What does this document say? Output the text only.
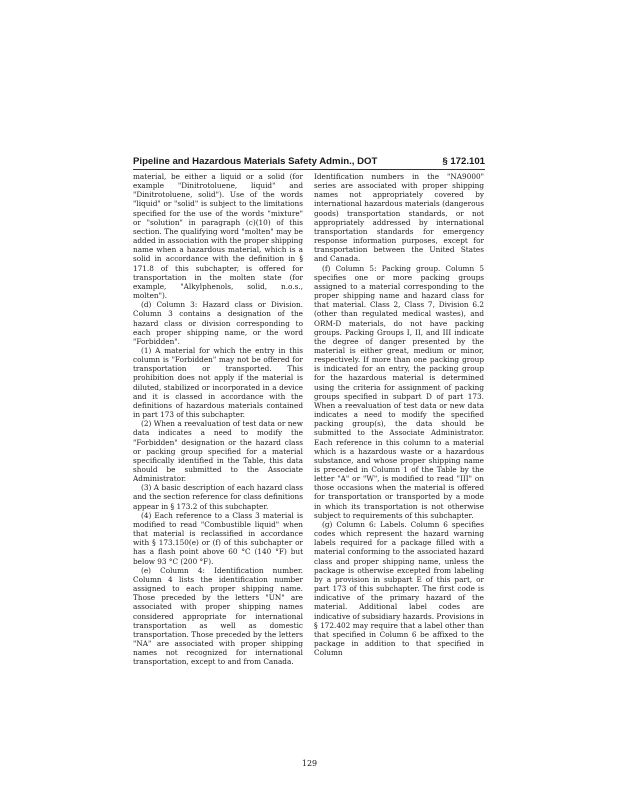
Pipeline and Hazardous Materials Safety Admin., DOT	§ 172.101

material, be either a liquid or a solid (for example "Dinitrotoluene, liquid" and "Dinitrotoluene, solid"). Use of the words "liquid" or "solid" is subject to the limitations specified for the use of the words "mixture" or "solution" in paragraph (c)(10) of this section. The qualifying word "molten" may be added in association with the proper shipping name when a hazardous material, which is a solid in accordance with the definition in § 171.8 of this subchapter, is offered for transportation in the molten state (for example, "Alkylphenols, solid, n.o.s., molten").

(d) Column 3: Hazard class or Division. Column 3 contains a designation of the hazard class or division corresponding to each proper shipping name, or the word "Forbidden".

(1) A material for which the entry in this column is "Forbidden" may not be offered for transportation or transported. This prohibition does not apply if the material is diluted, stabilized or incorporated in a device and it is classed in accordance with the definitions of hazardous materials contained in part 173 of this subchapter.

(2) When a reevaluation of test data or new data indicates a need to modify the "Forbidden" designation or the hazard class or packing group specified for a material specifically identified in the Table, this data should be submitted to the Associate Administrator.

(3) A basic description of each hazard class and the section reference for class definitions appear in § 173.2 of this subchapter.

(4) Each reference to a Class 3 material is modified to read "Combustible liquid" when that material is reclassified in accordance with § 173.150(e) or (f) of this subchapter or has a flash point above 60 °C (140 °F) but below 93 °C (200 °F).

(e) Column 4: Identification number. Column 4 lists the identification number assigned to each proper shipping name. Those preceded by the letters "UN" are associated with proper shipping names considered appropriate for international transportation as well as domestic transportation. Those preceded by the letters "NA" are associated with proper shipping names not recognized for international transportation, except to and from Canada.

Identification numbers in the "NA9000" series are associated with proper shipping names not appropriately covered by international hazardous materials (dangerous goods) transportation standards, or not appropriately addressed by international transportation standards for emergency response information purposes, except for transportation between the United States and Canada.

(f) Column 5: Packing group. Column 5 specifies one or more packing groups assigned to a material corresponding to the proper shipping name and hazard class for that material. Class 2, Class 7, Division 6.2 (other than regulated medical wastes), and ORM-D materials, do not have packing groups. Packing Groups I, II, and III indicate the degree of danger presented by the material is either great, medium or minor, respectively. If more than one packing group is indicated for an entry, the packing group for the hazardous material is determined using the criteria for assignment of packing groups specified in subpart D of part 173. When a reevaluation of test data or new data indicates a need to modify the specified packing group(s), the data should be submitted to the Associate Administrator. Each reference in this column to a material which is a hazardous waste or a hazardous substance, and whose proper shipping name is preceded in Column 1 of the Table by the letter "A" or "W", is modified to read "III" on those occasions when the material is offered for transportation or transported by a mode in which its transportation is not otherwise subject to requirements of this subchapter.

(g) Column 6: Labels. Column 6 specifies codes which represent the hazard warning labels required for a package filled with a material conforming to the associated hazard class and proper shipping name, unless the package is otherwise excepted from labeling by a provision in subpart E of this part, or part 173 of this subchapter. The first code is indicative of the primary hazard of the material. Additional label codes are indicative of subsidiary hazards. Provisions in § 172.402 may require that a label other than that specified in Column 6 be affixed to the package in addition to that specified in Column

129
